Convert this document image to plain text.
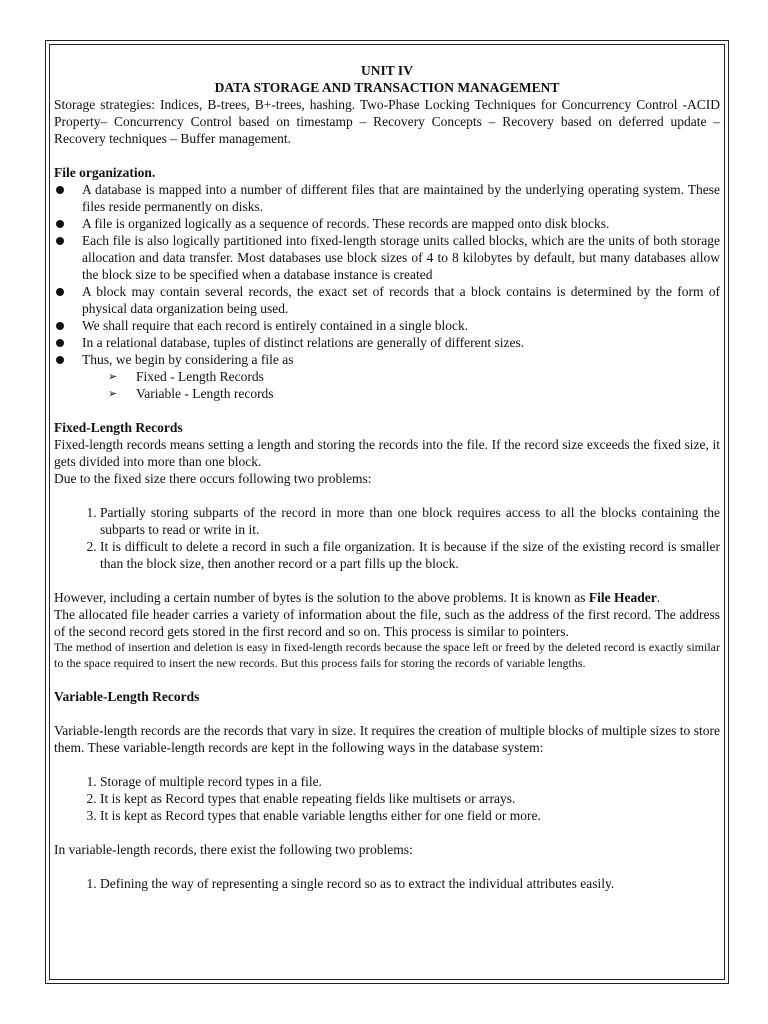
UNIT IV

DATA STORAGE AND TRANSACTION MANAGEMENT

Storage strategies: Indices, B-trees, B+-trees, hashing. Two-Phase Locking Techniques for Concurrency Control -ACID Property– Concurrency Control based on timestamp – Recovery Concepts – Recovery based on deferred update – Recovery techniques – Buffer management.

File organization.

A database is mapped into a number of different files that are maintained by the underlying operating system. These files reside permanently on disks.
A file is organized logically as a sequence of records. These records are mapped onto disk blocks.
Each file is also logically partitioned into fixed-length storage units called blocks, which are the units of both storage allocation and data transfer. Most databases use block sizes of 4 to 8 kilobytes by default, but many databases allow the block size to be specified when a database instance is created
A block may contain several records, the exact set of records that a block contains is determined by the form of physical data organization being used.
We shall require that each record is entirely contained in a single block.
In a relational database, tuples of distinct relations are generally of different sizes.
Thus, we begin by considering a file as
➢ Fixed - Length Records
➢ Variable - Length records

Fixed-Length Records

Fixed-length records means setting a length and storing the records into the file. If the record size exceeds the fixed size, it gets divided into more than one block.

Due to the fixed size there occurs following two problems:

1. Partially storing subparts of the record in more than one block requires access to all the blocks containing the subparts to read or write in it.
2. It is difficult to delete a record in such a file organization. It is because if the size of the existing record is smaller than the block size, then another record or a part fills up the block.

However, including a certain number of bytes is the solution to the above problems. It is known as File Header.

The allocated file header carries a variety of information about the file, such as the address of the first record. The address of the second record gets stored in the first record and so on. This process is similar to pointers.

The method of insertion and deletion is easy in fixed-length records because the space left or freed by the deleted record is exactly similar to the space required to insert the new records. But this process fails for storing the records of variable lengths.

Variable-Length Records

Variable-length records are the records that vary in size. It requires the creation of multiple blocks of multiple sizes to store them. These variable-length records are kept in the following ways in the database system:

1. Storage of multiple record types in a file.
2. It is kept as Record types that enable repeating fields like multisets or arrays.
3. It is kept as Record types that enable variable lengths either for one field or more.

In variable-length records, there exist the following two problems:

1. Defining the way of representing a single record so as to extract the individual attributes easily.
